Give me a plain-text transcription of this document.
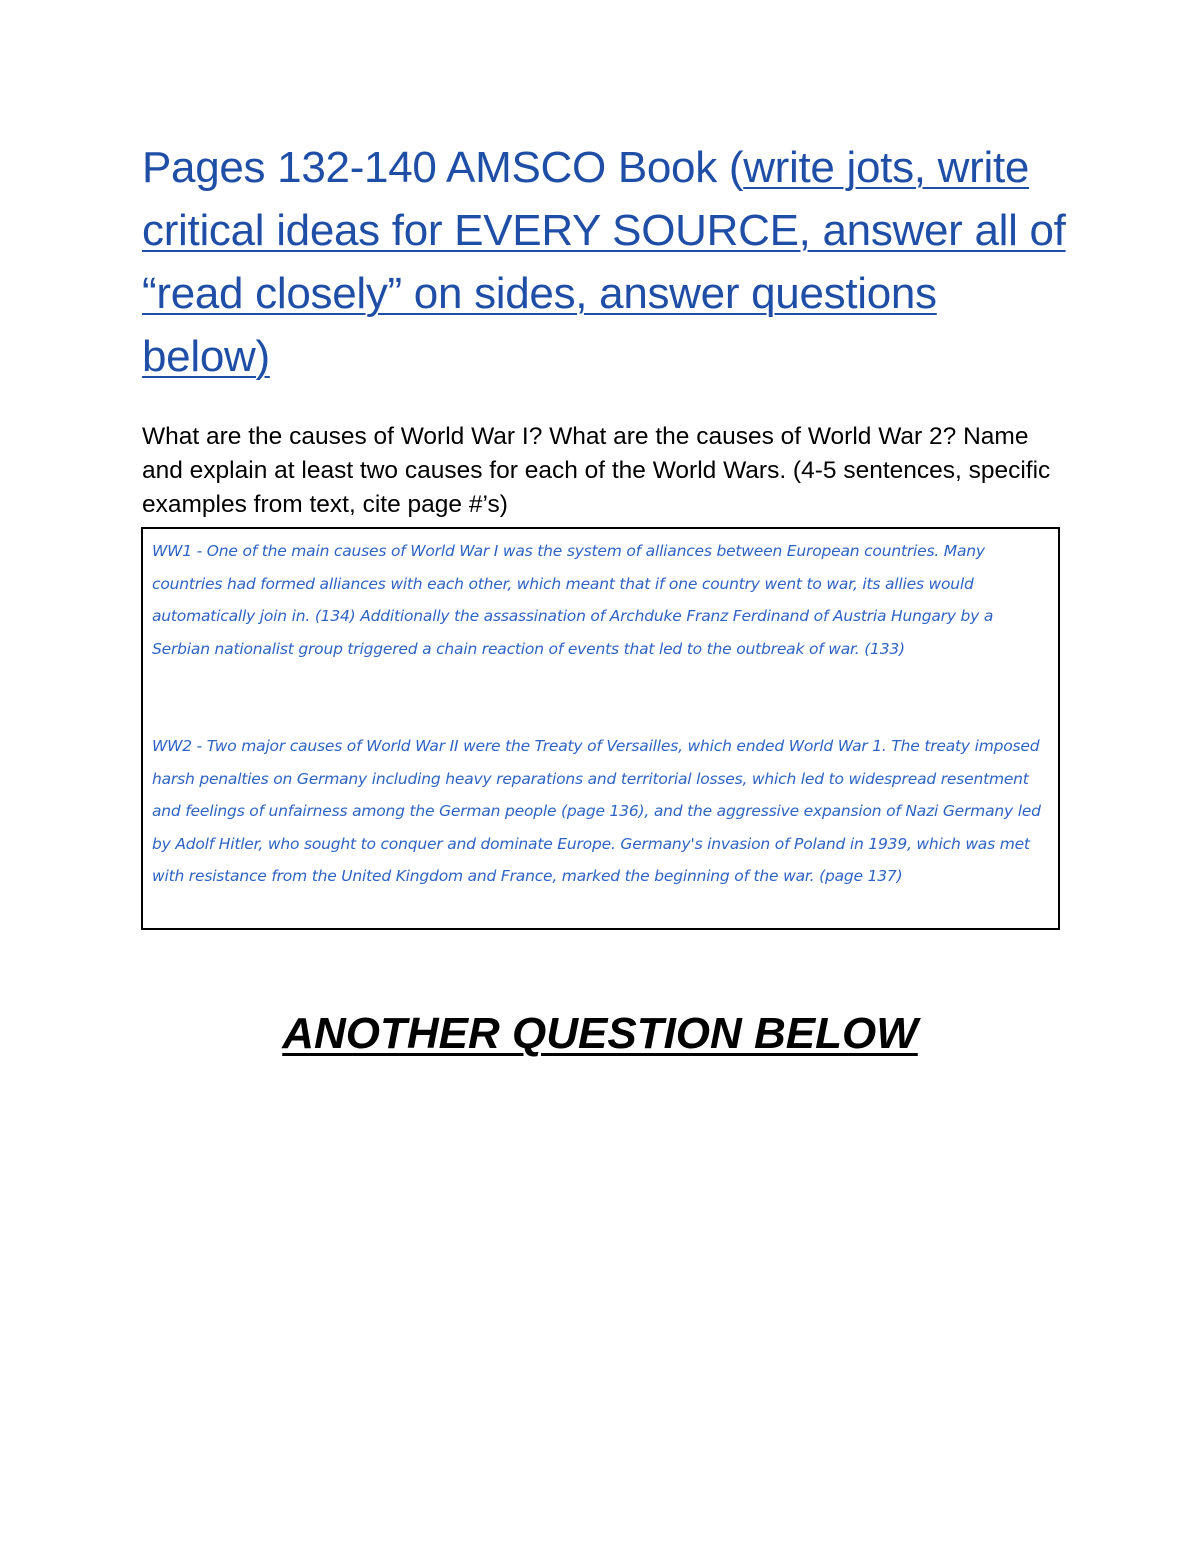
Pages 132-140 AMSCO Book (write jots, write critical ideas for EVERY SOURCE, answer all of “read closely” on sides, answer questions below)

What are the causes of World War I? What are the causes of World War 2? Name and explain at least two causes for each of the World Wars. (4-5 sentences, specific examples from text, cite page #’s)

WW1 - One of the main causes of World War I was the system of alliances between European countries. Many countries had formed alliances with each other, which meant that if one country went to war, its allies would automatically join in. (134) Additionally the assassination of Archduke Franz Ferdinand of Austria Hungary by a Serbian nationalist group triggered a chain reaction of events that led to the outbreak of war. (133)

WW2 - Two major causes of World War II were the Treaty of Versailles, which ended World War 1. The treaty imposed harsh penalties on Germany including heavy reparations and territorial losses, which led to widespread resentment and feelings of unfairness among the German people (page 136), and the aggressive expansion of Nazi Germany led by Adolf Hitler, who sought to conquer and dominate Europe. Germany's invasion of Poland in 1939, which was met with resistance from the United Kingdom and France, marked the beginning of the war. (page 137)

ANOTHER QUESTION BELOW
